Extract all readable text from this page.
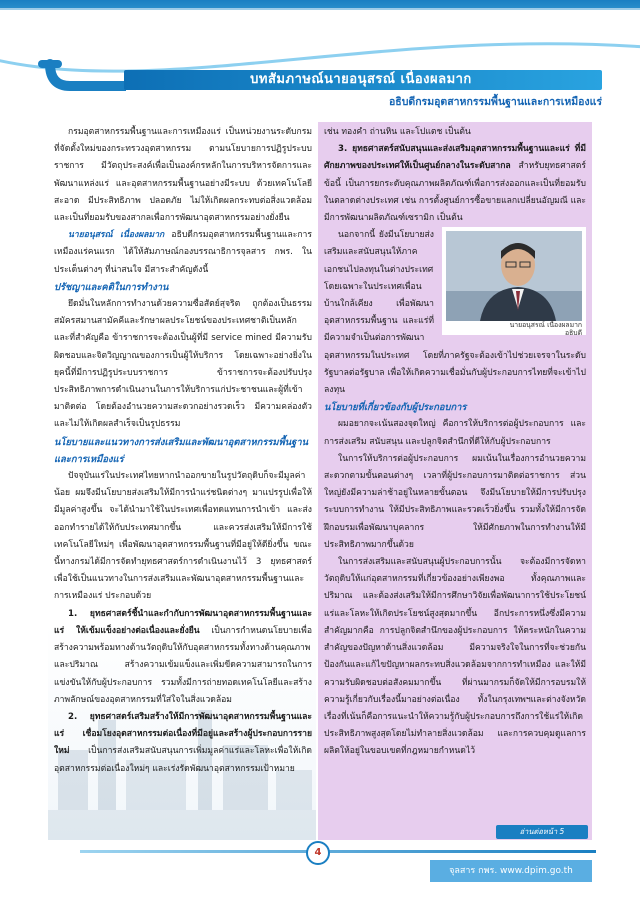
บทสัมภาษณ์นายอนุสรณ์ เนื่องผลมาก
อธิบดีกรมอุตสาหกรรมพื้นฐานและการเหมืองแร่

กรมอุตสาหกรรมพื้นฐานและการเหมืองแร่ เป็นหน่วยงานระดับกรมที่จัดตั้งใหม่ของกระทรวงอุตสาหกรรม ตามนโยบายการปฏิรูประบบราชการ มีวัตถุประสงค์เพื่อเป็นองค์กรหลักในการบริหารจัดการและพัฒนาแหล่งแร่ และอุตสาหกรรมพื้นฐานอย่างมีระบบ ด้วยเทคโนโลยีสะอาด มีประสิทธิภาพ ปลอดภัย ไม่ให้เกิดผลกระทบต่อสิ่งแวดล้อม และเป็นที่ยอมรับของสากลเพื่อการพัฒนาอุตสาหกรรมอย่างยั่งยืน

นายอนุสรณ์ เนื่องผลมาก อธิบดีกรมอุตสาหกรรมพื้นฐานและการเหมืองแร่คนแรก ได้ให้สัมภาษณ์กองบรรณาธิการจุลสาร กพร. ในประเด็นต่างๆ ที่น่าสนใจ มีสาระสำคัญดังนี้

ปรัชญาและคติในการทำงาน

ยึดมั่นในหลักการทำงานด้วยความซื่อสัตย์สุจริต ถูกต้องเป็นธรรม สมัครสมานสามัคคีและรักษาผลประโยชน์ของประเทศชาติเป็นหลัก และที่สำคัญคือ ข้าราชการจะต้องเป็นผู้ที่มี service mined มีความรับผิดชอบและจิตวิญญาณของการเป็นผู้ให้บริการ โดยเฉพาะอย่างยิ่งในยุคนี้ที่มีการปฏิรูประบบราชการ ข้าราชการจะต้องปรับปรุงประสิทธิภาพการดำเนินงานในการให้บริการแก่ประชาชนและผู้ที่เข้ามาติดต่อ โดยต้องอำนวยความสะดวกอย่างรวดเร็ว มีความคล่องตัว และไม่ให้เกิดผลสำเร็จเป็นรูปธรรม

นโยบายและแนวทางการส่งเสริมและพัฒนาอุตสาหกรรมพื้นฐานและการเหมืองแร่

ปัจจุบันแร่ในประเทศไทยหากนำออกขายในรูปวัตถุดิบก็จะมีมูลค่าน้อย ผมจึงมีนโยบายส่งเสริมให้มีการนำแร่ชนิดต่างๆ มาแปรรูปเพื่อให้มีมูลค่าสูงขึ้น จะได้นำมาใช้ในประเทศเพื่อทดแทนการนำเข้า และส่งออกทำรายได้ให้กับประเทศมากขึ้น และควรส่งเสริมให้มีการใช้เทคโนโลยีใหม่ๆ เพื่อพัฒนาอุตสาหกรรมพื้นฐานที่มีอยู่ให้ดียิ่งขึ้น ขณะนี้ทางกรมได้มีการจัดทำยุทธศาสตร์การดำเนินงานไว้ 3 ยุทธศาสตร์เพื่อใช้เป็นแนวทางในการส่งเสริมและพัฒนาอุตสาหกรรมพื้นฐานและการเหมืองแร่ ประกอบด้วย

1. ยุทธศาสตร์ชี้นำและกำกับการพัฒนาอุตสาหกรรมพื้นฐานและแร่ ให้เข้มแข็งอย่างต่อเนื่องและยั่งยืน เป็นการกำหนดนโยบายเพื่อสร้างความพร้อมทางด้านวัตถุดิบให้กับอุตสาหกรรมทั้งทางด้านคุณภาพและปริมาณ สร้างความเข้มแข็งและเพิ่มขีดความสามารถในการแข่งขันให้กับผู้ประกอบการ รวมทั้งมีการถ่ายทอดเทคโนโลยีและสร้างภาพลักษณ์ของอุตสาหกรรมที่ใส่ใจในสิ่งแวดล้อม

2. ยุทธศาสตร์เสริมสร้างให้มีการพัฒนาอุตสาหกรรมพื้นฐานและแร่ เชื่อมโยงอุตสาหกรรมต่อเนื่องที่มีอยู่และสร้างผู้ประกอบการรายใหม่ เป็นการส่งเสริมสนับสนุนการเพิ่มมูลค่าแร่และโลหะเพื่อให้เกิดอุตสาหกรรมต่อเนื่องใหม่ๆ และเร่งรัดพัฒนาอุตสาหกรรมเป้าหมาย

เช่น ทองคำ ถ่านหิน และโปแตช เป็นต้น

3. ยุทธศาสตร์สนับสนุนและส่งเสริมอุตสาหกรรมพื้นฐานและแร่ ที่มีศักยภาพของประเทศให้เป็นศูนย์กลางในระดับสากล สำหรับยุทธศาสตร์ข้อนี้ เป็นการยกระดับคุณภาพผลิตภัณฑ์เพื่อการส่งออกและเป็นที่ยอมรับในตลาดต่างประเทศ เช่น การตั้งศูนย์การซื้อขายแลกเปลี่ยนอัญมณี และมีการพัฒนาผลิตภัณฑ์เซรามิก เป็นต้น

นายอนุสรณ์ เนื่องผลมาก
อธิบดี

นอกจากนี้ ยังมีนโยบายส่งเสริมและสนับสนุนให้ภาคเอกชนไปลงทุนในต่างประเทศ โดยเฉพาะในประเทศเพื่อนบ้านใกล้เคียง เพื่อพัฒนาอุตสาหกรรมพื้นฐาน และแร่ที่มีความจำเป็นต่อการพัฒนาอุตสาหกรรมในประเทศ โดยที่ภาครัฐจะต้องเข้าไปช่วยเจรจาในระดับรัฐบาลต่อรัฐบาล เพื่อให้เกิดความเชื่อมั่นกับผู้ประกอบการไทยที่จะเข้าไปลงทุน

นโยบายที่เกี่ยวข้องกับผู้ประกอบการ

ผมอยากจะเน้นสองจุดใหญ่ คือการให้บริการต่อผู้ประกอบการ และการส่งเสริม สนับสนุน และปลูกจิตสำนึกที่ดีให้กับผู้ประกอบการ

ในการให้บริการต่อผู้ประกอบการ ผมเน้นในเรื่องการอำนวยความสะดวกตามขั้นตอนต่างๆ เวลาที่ผู้ประกอบการมาติดต่อราชการ ส่วนใหญ่ยังมีความล่าช้าอยู่ในหลายขั้นตอน จึงมีนโยบายให้มีการปรับปรุงระบบการทำงาน ให้มีประสิทธิภาพและรวดเร็วยิ่งขึ้น รวมทั้งให้มีการจัดฝึกอบรมเพื่อพัฒนาบุคลากร ให้มีศักยภาพในการทำงานให้มีประสิทธิภาพมากขึ้นด้วย

ในการส่งเสริมและสนับสนุนผู้ประกอบการนั้น จะต้องมีการจัดหาวัตถุดิบให้แก่อุตสาหกรรมที่เกี่ยวข้องอย่างเพียงพอ ทั้งคุณภาพและปริมาณ และต้องส่งเสริมให้มีการศึกษาวิจัยเพื่อพัฒนาการใช้ประโยชน์แร่และโลหะให้เกิดประโยชน์สูงสุดมากขึ้น อีกประการหนึ่งซึ่งมีความสำคัญมากคือ การปลูกจิตสำนึกของผู้ประกอบการ ให้ตระหนักในความสำคัญของปัญหาด้านสิ่งแวดล้อม มีความจริงใจในการที่จะช่วยกันป้องกันและแก้ไขปัญหาผลกระทบสิ่งแวดล้อมจากการทำเหมือง และให้มีความรับผิดชอบต่อสังคมมากขึ้น ที่ผ่านมากรมก็จัดให้มีการอบรมให้ความรู้เกี่ยวกับเรื่องนี้มาอย่างต่อเนื่อง ทั้งในกรุงเทพฯและต่างจังหวัด เรื่องที่เน้นก็คือการแนะนำให้ความรู้กับผู้ประกอบการถึงการใช้แร่ให้เกิดประสิทธิภาพสูงสุดโดยไม่ทำลายสิ่งแวดล้อม และการควบคุมดูแลการผลิตให้อยู่ในขอบเขตที่กฎหมายกำหนดไว้

อ่านต่อหน้า 5
4
จุลสาร กพร. www.dpim.go.th
